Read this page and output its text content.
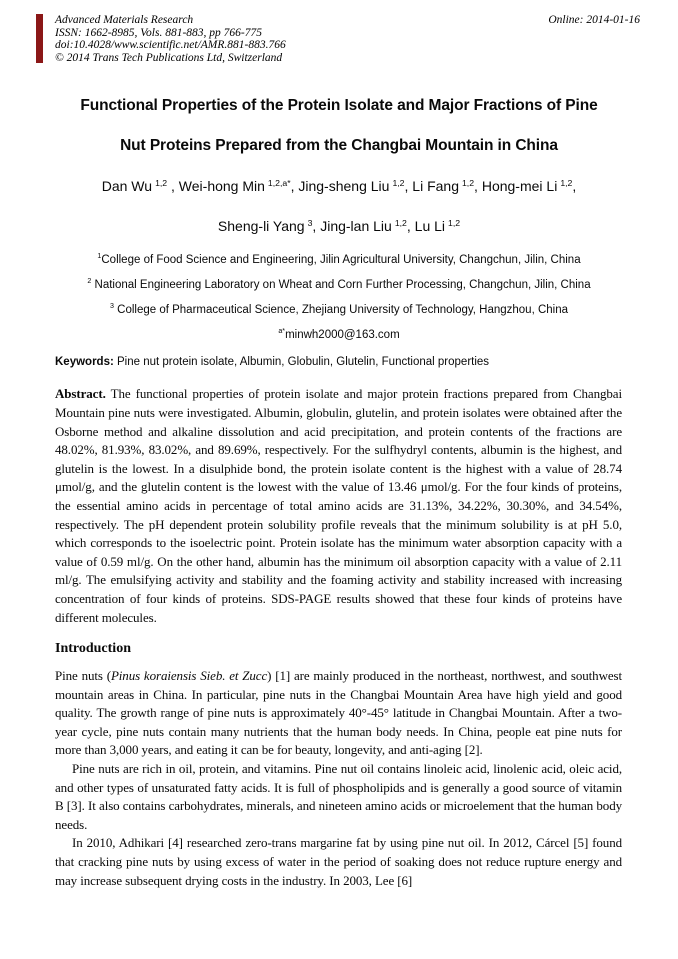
Advanced Materials Research
ISSN: 1662-8985, Vols. 881-883, pp 766-775
doi:10.4028/www.scientific.net/AMR.881-883.766
© 2014 Trans Tech Publications Ltd, Switzerland
Online: 2014-01-16
Functional Properties of the Protein Isolate and Major Fractions of Pine
Nut Proteins Prepared from the Changbai Mountain in China
Dan Wu $^{1,2}$ , Wei-hong Min $^{1,2,a*}$, Jing-sheng Liu $^{1,2}$, Li Fang $^{1,2}$, Hong-mei Li $^{1,2}$,
Sheng-li Yang $^3$, Jing-lan Liu $^{1,2}$, Lu Li $^{1,2}$
$^1$College of Food Science and Engineering, Jilin Agricultural University, Changchun, Jilin, China
$^2$ National Engineering Laboratory on Wheat and Corn Further Processing, Changchun, Jilin, China
$^3$ College of Pharmaceutical Science, Zhejiang University of Technology, Hangzhou, China
$^{a*}$minwh2000@163.com

Keywords: Pine nut protein isolate, Albumin, Globulin, Glutelin, Functional properties

Abstract. The functional properties of protein isolate and major protein fractions prepared from Changbai Mountain pine nuts were investigated. Albumin, globulin, glutelin, and protein isolates were obtained after the Osborne method and alkaline dissolution and acid precipitation, and protein contents of the fractions are 48.02%, 81.93%, 83.02%, and 89.69%, respectively. For the sulfhydryl contents, albumin is the highest, and glutelin is the lowest. In a disulphide bond, the protein isolate content is the highest with a value of 28.74 μmol/g, and the glutelin content is the lowest with the value of 13.46 μmol/g. For the four kinds of proteins, the essential amino acids in percentage of total amino acids are 31.13%, 34.22%, 30.30%, and 34.54%, respectively. The pH dependent protein solubility profile reveals that the minimum solubility is at pH 5.0, which corresponds to the isoelectric point. Protein isolate has the minimum water absorption capacity with a value of 0.59 ml/g. On the other hand, albumin has the minimum oil absorption capacity with a value of 2.11 ml/g. The emulsifying activity and stability and the foaming activity and stability increased with increasing concentration of four kinds of proteins. SDS-PAGE results showed that these four kinds of proteins have different molecules.

Introduction

Pine nuts (Pinus koraiensis Sieb. et Zucc) [1] are mainly produced in the northeast, northwest, and southwest mountain areas in China. In particular, pine nuts in the Changbai Mountain Area have high yield and good quality. The growth range of pine nuts is approximately 40°-45° latitude in Changbai Mountain. After a two-year cycle, pine nuts contain many nutrients that the human body needs. In China, people eat pine nuts for more than 3,000 years, and eating it can be for beauty, longevity, and anti-aging [2].

Pine nuts are rich in oil, protein, and vitamins. Pine nut oil contains linoleic acid, linolenic acid, oleic acid, and other types of unsaturated fatty acids. It is full of phospholipids and is generally a good source of vitamin B [3]. It also contains carbohydrates, minerals, and nineteen amino acids or microelement that the human body needs.

In 2010, Adhikari [4] researched zero-trans margarine fat by using pine nut oil. In 2012, Cárcel [5] found that cracking pine nuts by using excess of water in the period of soaking does not reduce rupture energy and may increase subsequent drying costs in the industry. In 2003, Lee [6]
